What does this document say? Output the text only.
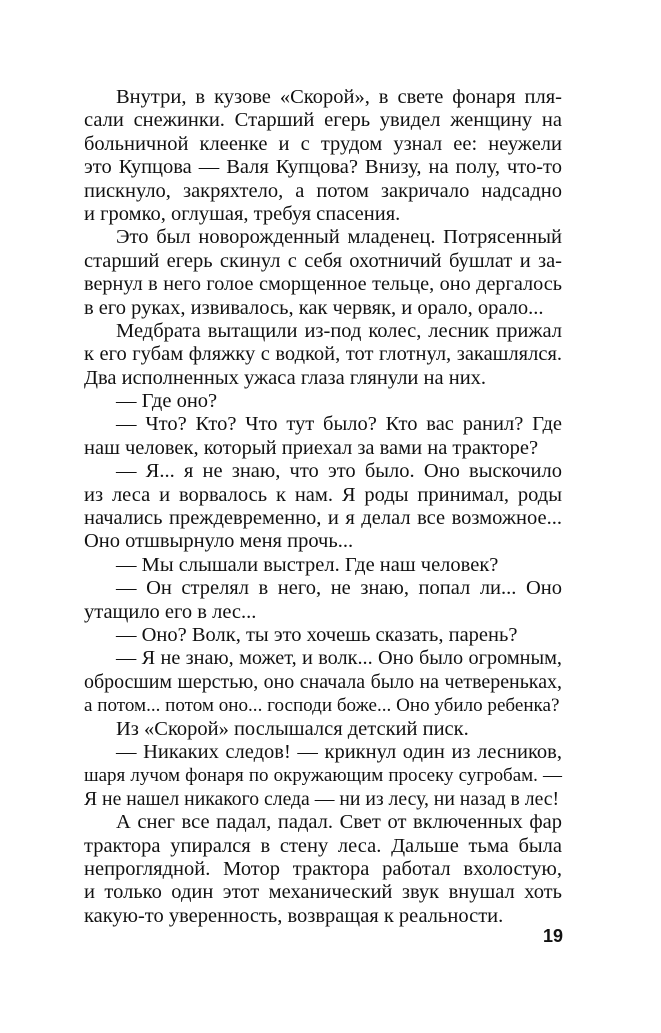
Внутри, в кузове «Скорой», в свете фонаря пля-
сали снежинки. Старший егерь увидел женщину на
больничной клеенке и с трудом узнал ее: неужели
это Купцова — Валя Купцова? Внизу, на полу, что-то
пискнуло, закряхтело, а потом закричало надсадно
и громко, оглушая, требуя спасения.
Это был новорожденный младенец. Потрясенный
старший егерь скинул с себя охотничий бушлат и за-
вернул в него голое сморщенное тельце, оно дергалось
в его руках, извивалось, как червяк, и орало, орало...
Медбрата вытащили из-под колес, лесник прижал
к его губам фляжку с водкой, тот глотнул, закашлялся.
Два исполненных ужаса глаза глянули на них.
— Где оно?
— Что? Кто? Что тут было? Кто вас ранил? Где
наш человек, который приехал за вами на тракторе?
— Я... я не знаю, что это было. Оно выскочило
из леса и ворвалось к нам. Я роды принимал, роды
начались преждевременно, и я делал все возможное...
Оно отшвырнуло меня прочь...
— Мы слышали выстрел. Где наш человек?
— Он стрелял в него, не знаю, попал ли... Оно
утащило его в лес...
— Оно? Волк, ты это хочешь сказать, парень?
— Я не знаю, может, и волк... Оно было огромным,
обросшим шерстью, оно сначала было на четвереньках,
а потом... потом оно... господи боже... Оно убило ребенка?
Из «Скорой» послышался детский писк.
— Никаких следов! — крикнул один из лесников,
шаря лучом фонаря по окружающим просеку сугробам. —
Я не нашел никакого следа — ни из лесу, ни назад в лес!
А снег все падал, падал. Свет от включенных фар
трактора упирался в стену леса. Дальше тьма была
непроглядной. Мотор трактора работал вхолостую,
и только один этот механический звук внушал хоть
какую-то уверенность, возвращая к реальности.
19
